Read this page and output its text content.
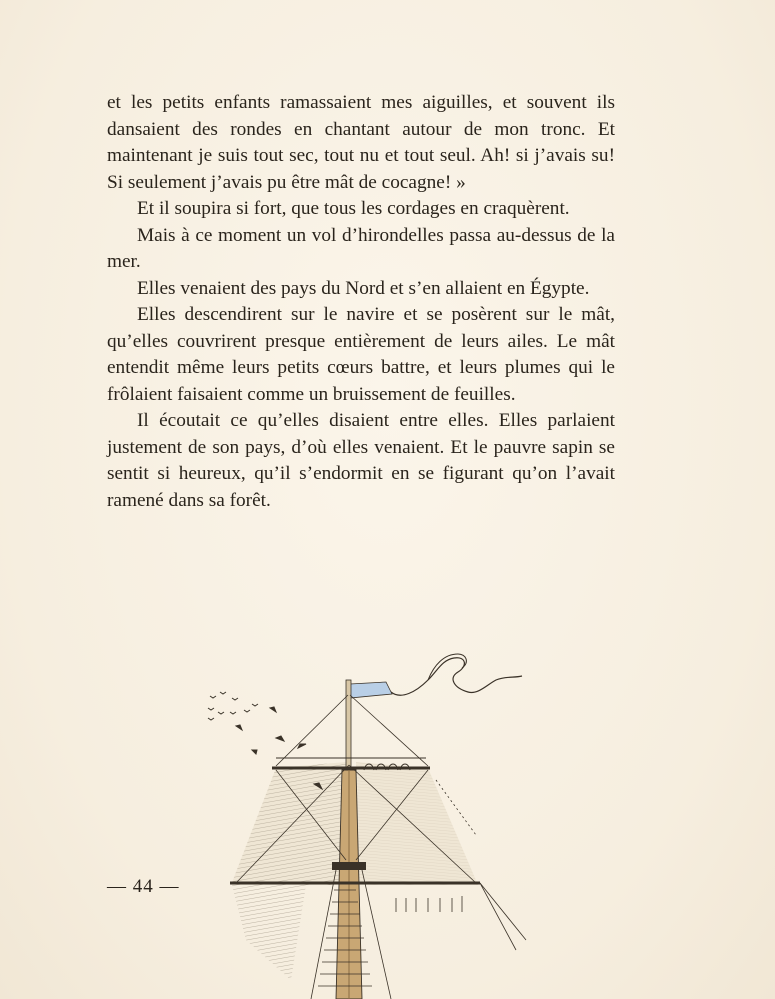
et les petits enfants ramassaient mes aiguilles, et souvent ils dansaient des rondes en chantant autour de mon tronc. Et maintenant je suis tout sec, tout nu et tout seul. Ah! si j’avais su! Si seulement j’avais pu être mât de cocagne! »

Et il soupira si fort, que tous les cordages en craquèrent.

Mais à ce moment un vol d’hirondelles passa au-dessus de la mer.

Elles venaient des pays du Nord et s’en allaient en Égypte.

Elles descendirent sur le navire et se posèrent sur le mât, qu’elles couvrirent presque entièrement de leurs ailes. Le mât entendit même leurs petits cœurs battre, et leurs plumes qui le frôlaient faisaient comme un bruissement de feuilles.

Il écoutait ce qu’elles disaient entre elles. Elles parlaient justement de son pays, d’où elles venaient. Et le pauvre sapin se sentit si heureux, qu’il s’endormit en se figurant qu’on l’avait ramené dans sa forêt.

— 44 —
